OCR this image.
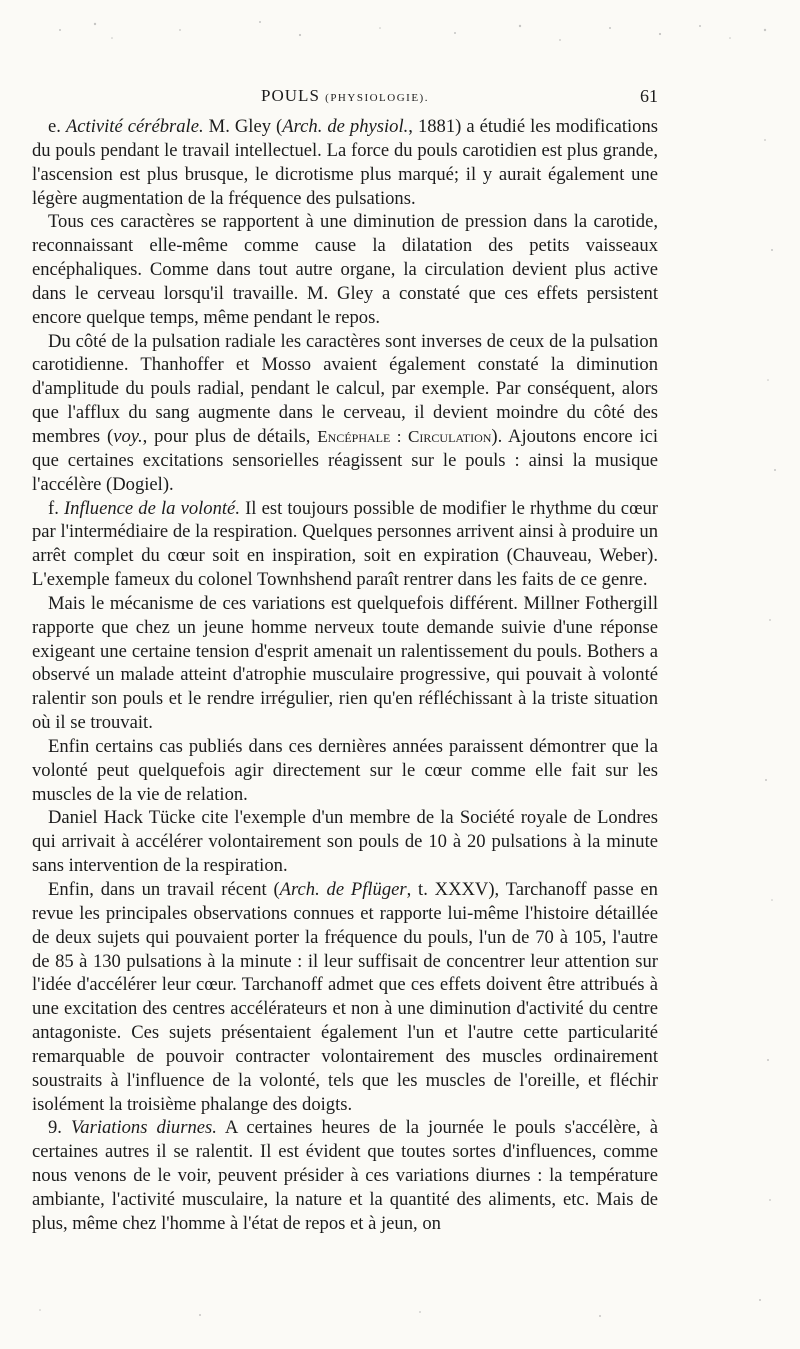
POULS (PHYSIOLOGIE).	61

e. Activité cérébrale. M. Gley (Arch. de physiol., 1881) a étudié les modifications du pouls pendant le travail intellectuel. La force du pouls carotidien est plus grande, l'ascension est plus brusque, le dicrotisme plus marqué; il y aurait également une légère augmentation de la fréquence des pulsations.

Tous ces caractères se rapportent à une diminution de pression dans la carotide, reconnaissant elle-même comme cause la dilatation des petits vaisseaux encéphaliques. Comme dans tout autre organe, la circulation devient plus active dans le cerveau lorsqu'il travaille. M. Gley a constaté que ces effets persistent encore quelque temps, même pendant le repos.

Du côté de la pulsation radiale les caractères sont inverses de ceux de la pulsation carotidienne. Thanhoffer et Mosso avaient également constaté la diminution d'amplitude du pouls radial, pendant le calcul, par exemple. Par conséquent, alors que l'afflux du sang augmente dans le cerveau, il devient moindre du côté des membres (voy., pour plus de détails, Encéphale : Circulation). Ajoutons encore ici que certaines excitations sensorielles réagissent sur le pouls : ainsi la musique l'accélère (Dogiel).

f. Influence de la volonté. Il est toujours possible de modifier le rhythme du cœur par l'intermédiaire de la respiration. Quelques personnes arrivent ainsi à produire un arrêt complet du cœur soit en inspiration, soit en expiration (Chauveau, Weber). L'exemple fameux du colonel Townhshend paraît rentrer dans les faits de ce genre.

Mais le mécanisme de ces variations est quelquefois différent. Millner Fothergill rapporte que chez un jeune homme nerveux toute demande suivie d'une réponse exigeant une certaine tension d'esprit amenait un ralentissement du pouls. Bothers a observé un malade atteint d'atrophie musculaire progressive, qui pouvait à volonté ralentir son pouls et le rendre irrégulier, rien qu'en réfléchissant à la triste situation où il se trouvait.

Enfin certains cas publiés dans ces dernières années paraissent démontrer que la volonté peut quelquefois agir directement sur le cœur comme elle fait sur les muscles de la vie de relation.

Daniel Hack Tücke cite l'exemple d'un membre de la Société royale de Londres qui arrivait à accélérer volontairement son pouls de 10 à 20 pulsations à la minute sans intervention de la respiration.

Enfin, dans un travail récent (Arch. de Pflüger, t. XXXV), Tarchanoff passe en revue les principales observations connues et rapporte lui-même l'histoire détaillée de deux sujets qui pouvaient porter la fréquence du pouls, l'un de 70 à 105, l'autre de 85 à 130 pulsations à la minute : il leur suffisait de concentrer leur attention sur l'idée d'accélérer leur cœur. Tarchanoff admet que ces effets doivent être attribués à une excitation des centres accélérateurs et non à une diminution d'activité du centre antagoniste. Ces sujets présentaient également l'un et l'autre cette particularité remarquable de pouvoir contracter volontairement des muscles ordinairement soustraits à l'influence de la volonté, tels que les muscles de l'oreille, et fléchir isolément la troisième phalange des doigts.

9. Variations diurnes. A certaines heures de la journée le pouls s'accélère, à certaines autres il se ralentit. Il est évident que toutes sortes d'influences, comme nous venons de le voir, peuvent présider à ces variations diurnes : la température ambiante, l'activité musculaire, la nature et la quantité des aliments, etc. Mais de plus, même chez l'homme à l'état de repos et à jeun, on
